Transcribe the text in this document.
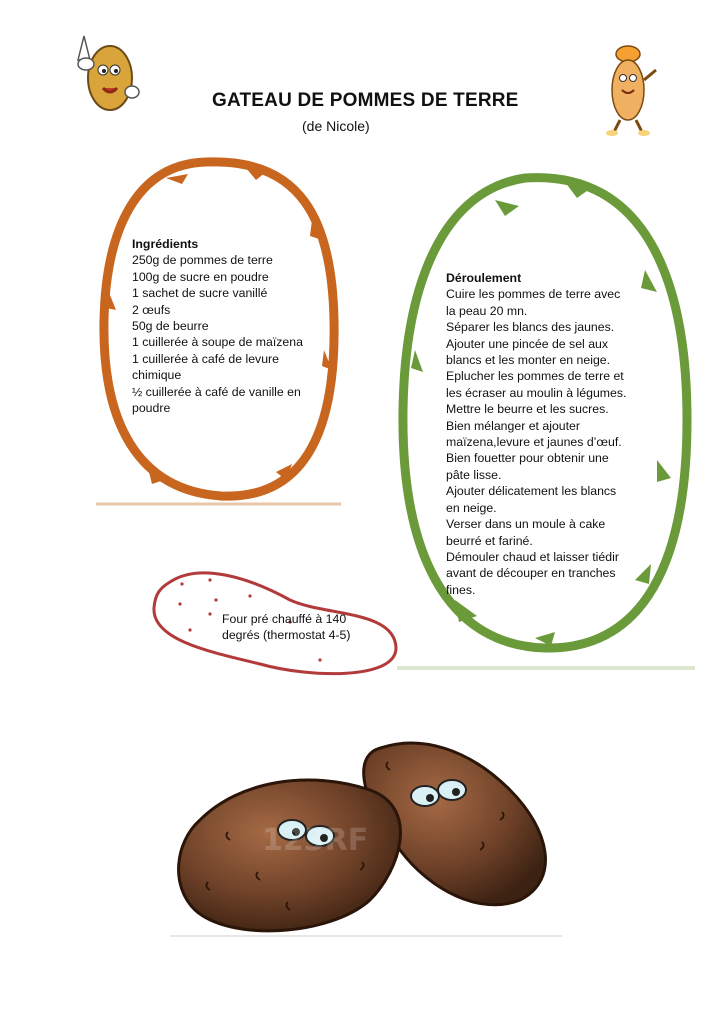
GATEAU DE POMMES DE TERRE
(de Nicole)
Ingrédients
250g de pommes de terre
100g de sucre en poudre
1 sachet de sucre vanillé
2 œufs
50g de beurre
1 cuillerée à soupe de maïzena
1 cuillerée à café de levure
chimique
½ cuillerée à café de vanille en
poudre
Déroulement
Cuire les pommes de terre avec
la peau 20 mn.
Séparer les blancs des jaunes.
Ajouter une pincée de sel aux
blancs et les monter en neige.
Eplucher les pommes de terre et
les écraser au moulin à légumes.
Mettre le beurre et les sucres.
Bien mélanger et ajouter
maïzena,levure et jaunes d’œuf.
Bien fouetter pour obtenir une
pâte lisse.
Ajouter délicatement les blancs
en neige.
Verser dans un moule à cake
beurré et fariné.
Démouler chaud et laisser tiédir
avant de découper en tranches
fines.
Four pré chauffé à 140
degrés (thermostat 4-5)
123RF
